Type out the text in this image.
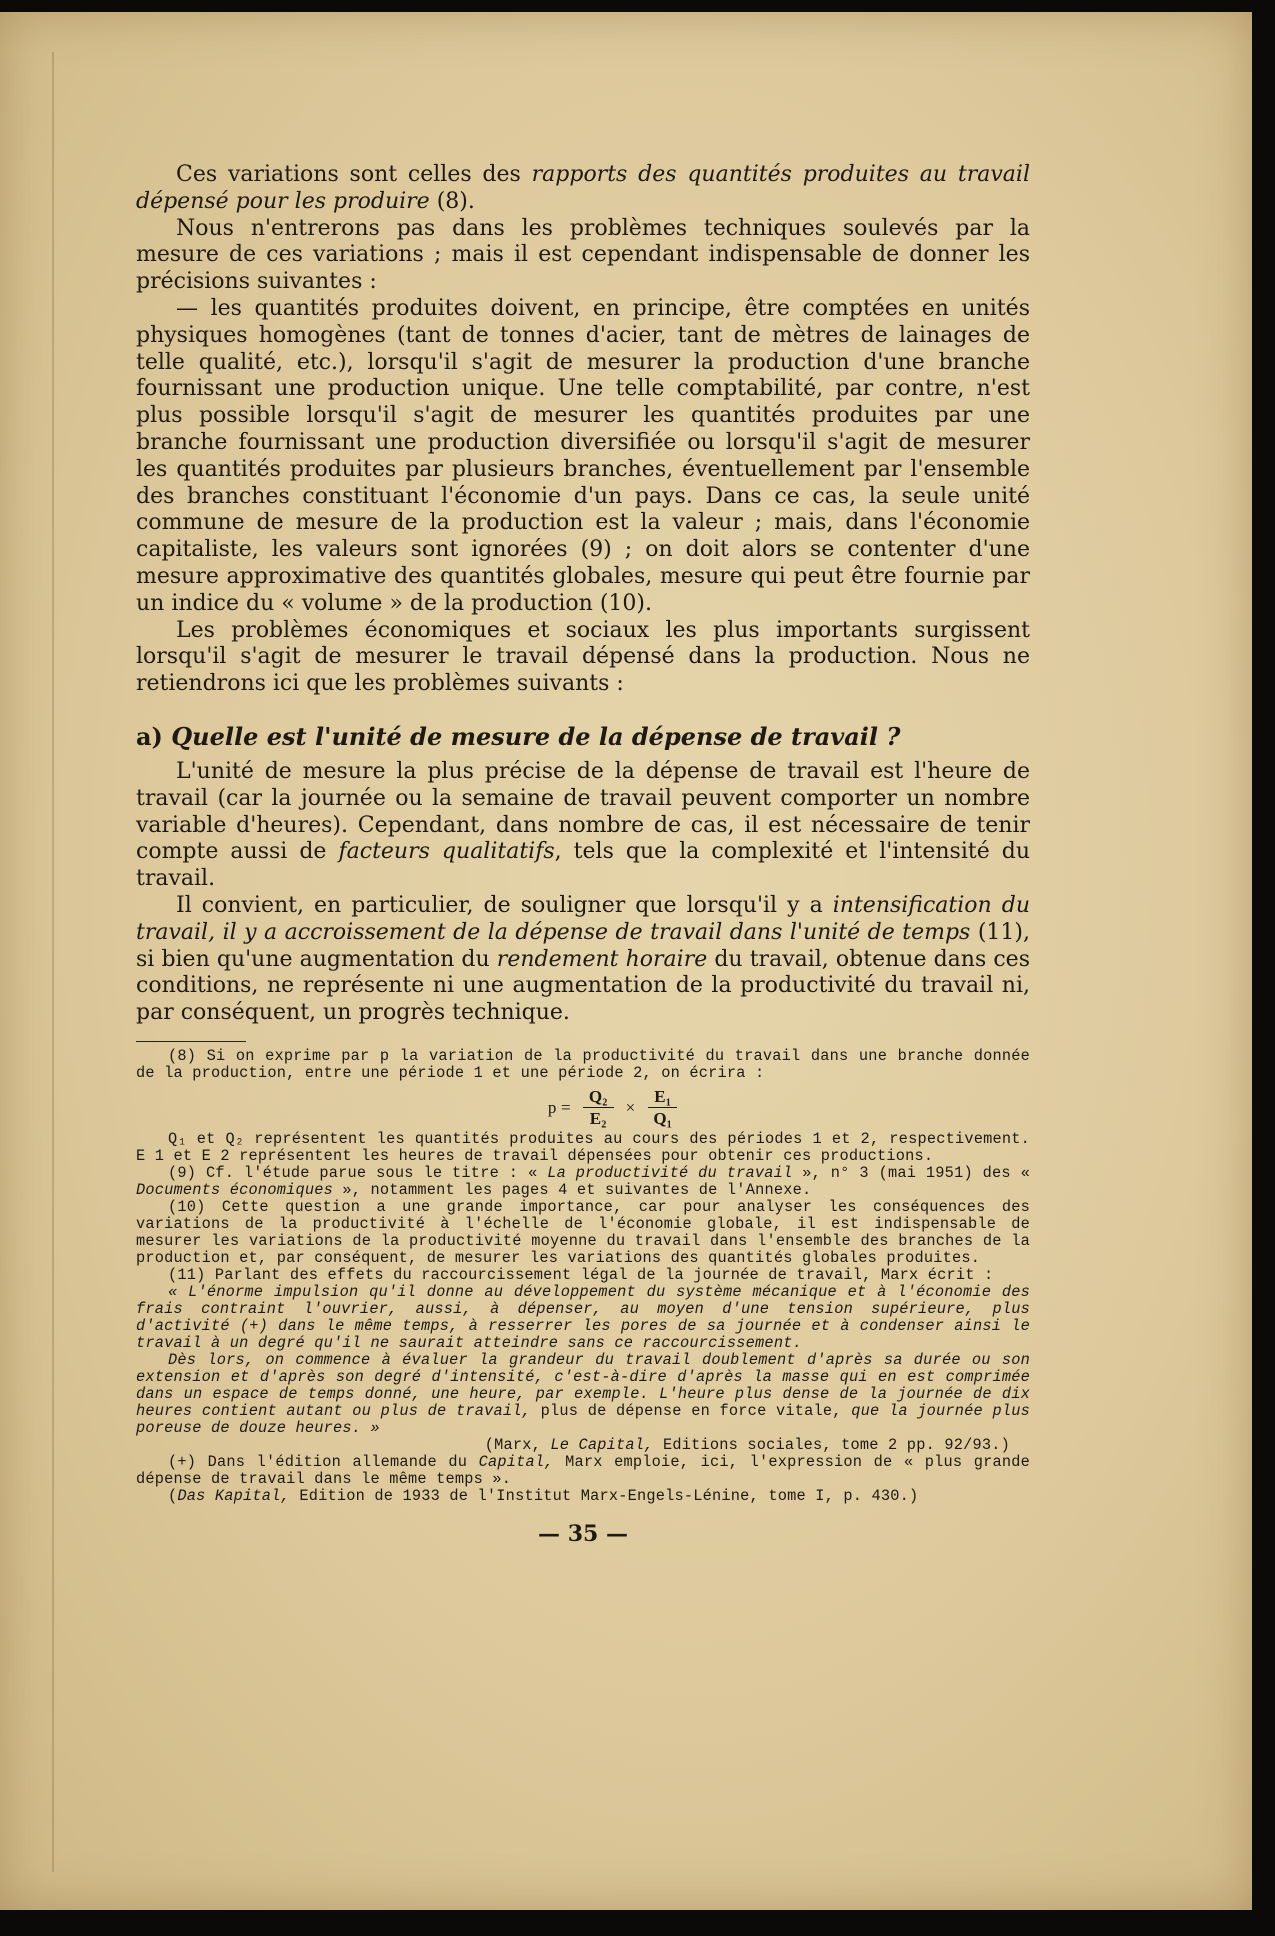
Ces variations sont celles des rapports des quantités produites au travail dépensé pour les produire (8).

Nous n'entrerons pas dans les problèmes techniques soulevés par la mesure de ces variations ; mais il est cependant indispensable de donner les précisions suivantes :

— les quantités produites doivent, en principe, être comptées en unités physiques homogènes (tant de tonnes d'acier, tant de mètres de lainages de telle qualité, etc.), lorsqu'il s'agit de mesurer la production d'une branche fournissant une production unique. Une telle comptabilité, par contre, n'est plus possible lorsqu'il s'agit de mesurer les quantités produites par une branche fournissant une production diversifiée ou lorsqu'il s'agit de mesurer les quantités produites par plusieurs branches, éventuellement par l'ensemble des branches constituant l'économie d'un pays. Dans ce cas, la seule unité commune de mesure de la production est la valeur ; mais, dans l'économie capitaliste, les valeurs sont ignorées (9) ; on doit alors se contenter d'une mesure approximative des quantités globales, mesure qui peut être fournie par un indice du « volume » de la production (10).

Les problèmes économiques et sociaux les plus importants surgissent lorsqu'il s'agit de mesurer le travail dépensé dans la production. Nous ne retiendrons ici que les problèmes suivants :

a) Quelle est l'unité de mesure de la dépense de travail ?

L'unité de mesure la plus précise de la dépense de travail est l'heure de travail (car la journée ou la semaine de travail peuvent comporter un nombre variable d'heures). Cependant, dans nombre de cas, il est nécessaire de tenir compte aussi de facteurs qualitatifs, tels que la complexité et l'intensité du travail.

Il convient, en particulier, de souligner que lorsqu'il y a intensification du travail, il y a accroissement de la dépense de travail dans l'unité de temps (11), si bien qu'une augmentation du rendement horaire du travail, obtenue dans ces conditions, ne représente ni une augmentation de la productivité du travail ni, par conséquent, un progrès technique.

(8) Si on exprime par p la variation de la productivité du travail dans une branche donnée de la production, entre une période 1 et une période 2, on écrira :

$p = \frac{\text{Q₂}}{\text{E₂}} \times \frac{\text{E₁}}{\text{Q₁}}$

Q₁ et Q₂ représentent les quantités produites au cours des périodes 1 et 2, respectivement. E 1 et E 2 représentent les heures de travail dépensées pour obtenir ces productions.

(9) Cf. l'étude parue sous le titre : « La productivité du travail », n° 3 (mai 1951) des « Documents économiques », notamment les pages 4 et suivantes de l'Annexe.

(10) Cette question a une grande importance, car pour analyser les conséquences des variations de la productivité à l'échelle de l'économie globale, il est indispensable de mesurer les variations de la productivité moyenne du travail dans l'ensemble des branches de la production et, par conséquent, de mesurer les variations des quantités globales produites.

(11) Parlant des effets du raccourcissement légal de la journée de travail, Marx écrit :

« L'énorme impulsion qu'il donne au développement du système mécanique et à l'économie des frais contraint l'ouvrier, aussi, à dépenser, au moyen d'une tension supérieure, plus d'activité (+) dans le même temps, à resserrer les pores de sa journée et à condenser ainsi le travail à un degré qu'il ne saurait atteindre sans ce raccourcissement.

Dès lors, on commence à évaluer la grandeur du travail doublement d'après sa durée ou son extension et d'après son degré d'intensité, c'est-à-dire d'après la masse qui en est comprimée dans un espace de temps donné, une heure, par exemple. L'heure plus dense de la journée de dix heures contient autant ou plus de travail, plus de dépense en force vitale, que la journée plus poreuse de douze heures. »

(Marx, Le Capital, Editions sociales, tome 2 pp. 92/93.)

(+) Dans l'édition allemande du Capital, Marx emploie, ici, l'expression de « plus grande dépense de travail dans le même temps ».

(Das Kapital, Edition de 1933 de l'Institut Marx-Engels-Lénine, tome I, p. 430.)

— 35 —
